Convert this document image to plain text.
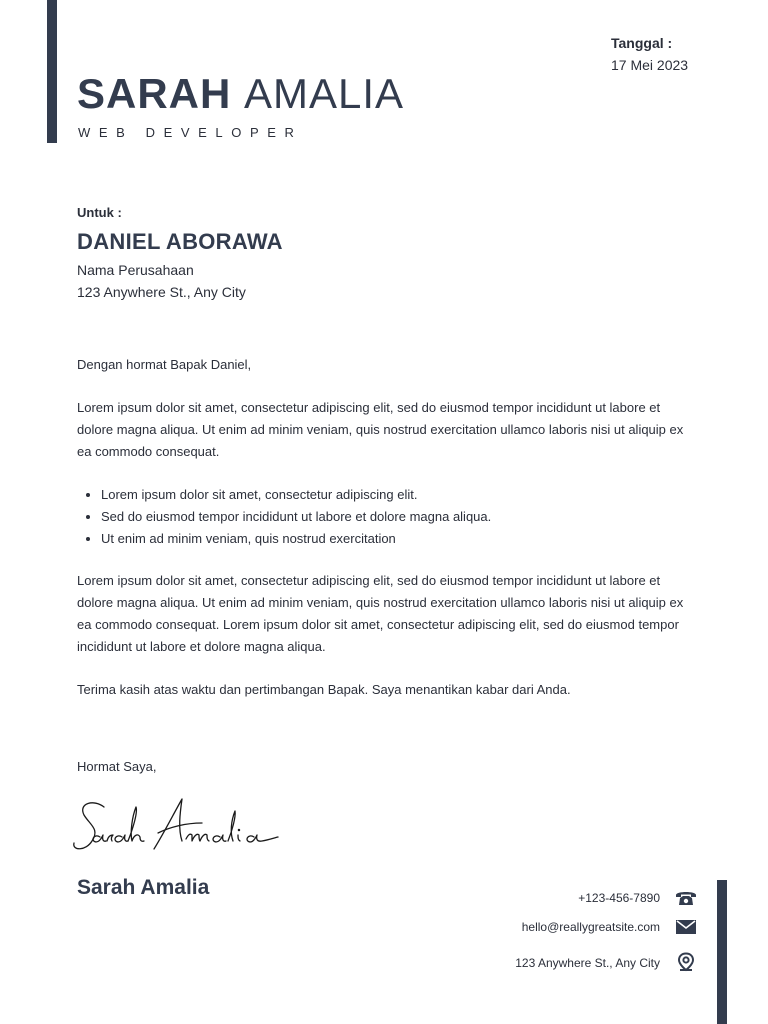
SARAH AMALIA

WEB DEVELOPER

Tanggal :
17 Mei 2023
Untuk :
DANIEL ABORAWA
Nama Perusahaan
123 Anywhere St., Any City

Dengan hormat Bapak Daniel,

Lorem ipsum dolor sit amet, consectetur adipiscing elit, sed do eiusmod tempor incididunt ut labore et dolore magna aliqua. Ut enim ad minim veniam, quis nostrud exercitation ullamco laboris nisi ut aliquip ex ea commodo consequat.

• Lorem ipsum dolor sit amet, consectetur adipiscing elit.
• Sed do eiusmod tempor incididunt ut labore et dolore magna aliqua.
• Ut enim ad minim veniam, quis nostrud exercitation

Lorem ipsum dolor sit amet, consectetur adipiscing elit, sed do eiusmod tempor incididunt ut labore et dolore magna aliqua. Ut enim ad minim veniam, quis nostrud exercitation ullamco laboris nisi ut aliquip ex ea commodo consequat. Lorem ipsum dolor sit amet, consectetur adipiscing elit, sed do eiusmod tempor incididunt ut labore et dolore magna aliqua.

Terima kasih atas waktu dan pertimbangan Bapak. Saya menantikan kabar dari Anda.

Hormat Saya,
Sarah Amalia	+123-456-7890
hello@reallygreatsite.com
123 Anywhere St., Any City
